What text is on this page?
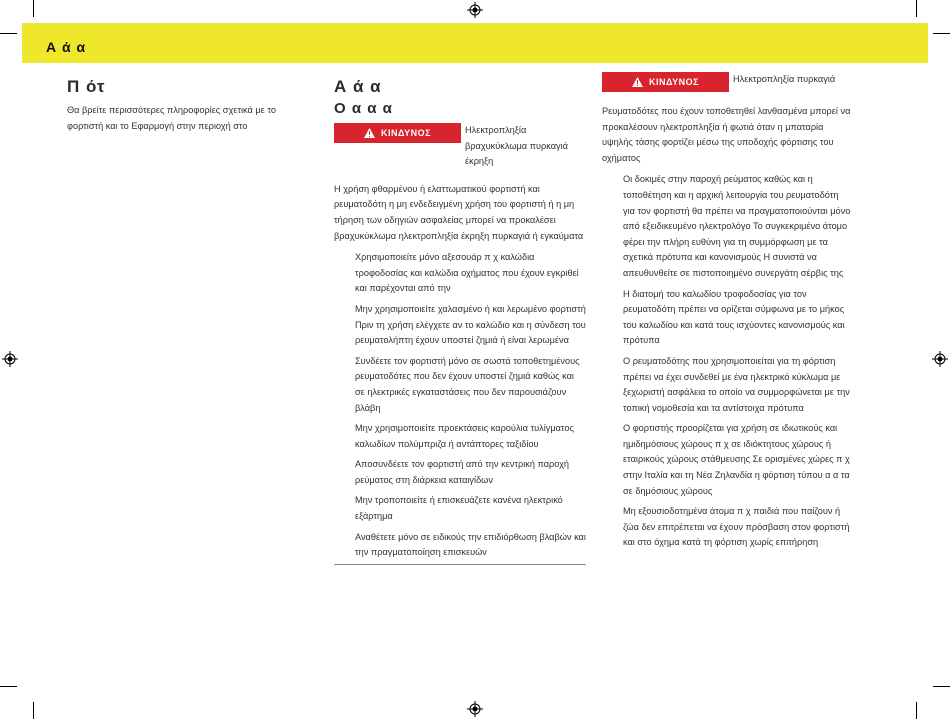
Α ά α
Π ότ

Θα βρείτε περισσότερες πληροφορίες σχετικά με το φορτιστή και το Εφαρμογή στην περιοχή στο

Α ά α
Ο α α α
ΚΙΝΔΥΝΟΣ	Ηλεκτροπληξία βραχυκύκλωμα πυρκαγιά έκρηξη

Η χρήση φθαρμένου ή ελαττωματικού φορτιστή και ρευματοδότη η μη ενδεδειγμένη χρήση του φορτιστή ή η μη τήρηση των οδηγιών ασφαλείας μπορεί να προκαλέσει βραχυκύκλωμα ηλεκτροπληξία έκρηξη πυρκαγιά ή εγκαύματα

Χρησιμοποιείτε μόνο αξεσουάρ π χ καλώδια τροφοδοσίας και καλώδια οχήματος που έχουν εγκριθεί και παρέχονται από την

Μην χρησιμοποιείτε χαλασμένο ή και λερωμένο φορτιστή Πριν τη χρήση ελέγχετε αν το καλώδιο και η σύνδεση του ρευματολήπτη έχουν υποστεί ζημιά ή είναι λερωμένα

Συνδέετε τον φορτιστή μόνο σε σωστά τοποθετημένους ρευματοδότες που δεν έχουν υποστεί ζημιά καθώς και σε ηλεκτρικές εγκαταστάσεις που δεν παρουσιάζουν βλάβη

Μην χρησιμοποιείτε προεκτάσεις καρούλια τυλίγματος καλωδίων πολύμπριζα ή αντάπτορες ταξιδίου

Αποσυνδέετε τον φορτιστή από την κεντρική παροχή ρεύματος στη διάρκεια καταιγίδων

Μην τροποποιείτε ή επισκευάζετε κανένα ηλεκτρικό εξάρτημα

Αναθέτετε μόνο σε ειδικούς την επιδιόρθωση βλαβών και την πραγματοποίηση επισκευών

ΚΙΝΔΥΝΟΣ	Ηλεκτροπληξία πυρκαγιά

Ρευματοδότες που έχουν τοποθετηθεί λανθασμένα μπορεί να προκαλέσουν ηλεκτροπληξία ή φωτιά όταν η μπαταρία υψηλής τάσης φορτίζει μέσω της υποδοχής φόρτισης του οχήματος

Οι δοκιμές στην παροχή ρεύματος καθώς και η τοποθέτηση και η αρχική λειτουργία του ρευματοδότη για τον φορτιστή θα πρέπει να πραγματοποιούνται μόνο από εξειδικευμένο ηλεκτρολόγο Το συγκεκριμένο άτομο φέρει την πλήρη ευθύνη για τη συμμόρφωση με τα σχετικά πρότυπα και κανονισμούς Η συνιστά να απευθυνθείτε σε πιστοποιημένο συνεργάτη σέρβις της

Η διατομή του καλωδίου τροφοδοσίας για τον ρευματοδότη πρέπει να ορίζεται σύμφωνα με το μήκος του καλωδίου και κατά τους ισχύοντες κανονισμούς και πρότυπα

Ο ρευματοδότης που χρησιμοποιείται για τη φόρτιση πρέπει να έχει συνδεθεί με ένα ηλεκτρικό κύκλωμα με ξεχωριστή ασφάλεια το οποίο να συμμορφώνεται με την τοπική νομοθεσία και τα αντίστοιχα πρότυπα

Ο φορτιστής προορίζεται για χρήση σε ιδιωτικούς και ημιδημόσιους χώρους π χ σε ιδιόκτητους χώρους ή εταιρικούς χώρους στάθμευσης Σε ορισμένες χώρες π χ στην Ιταλία και τη Νέα Ζηλανδία η φόρτιση τύπου α α τα σε δημόσιους χώρους

Μη εξουσιοδοτημένα άτομα π χ παιδιά που παίζουν ή ζώα δεν επιτρέπεται να έχουν πρόσβαση στον φορτιστή και στο όχημα κατά τη φόρτιση χωρίς επιτήρηση
